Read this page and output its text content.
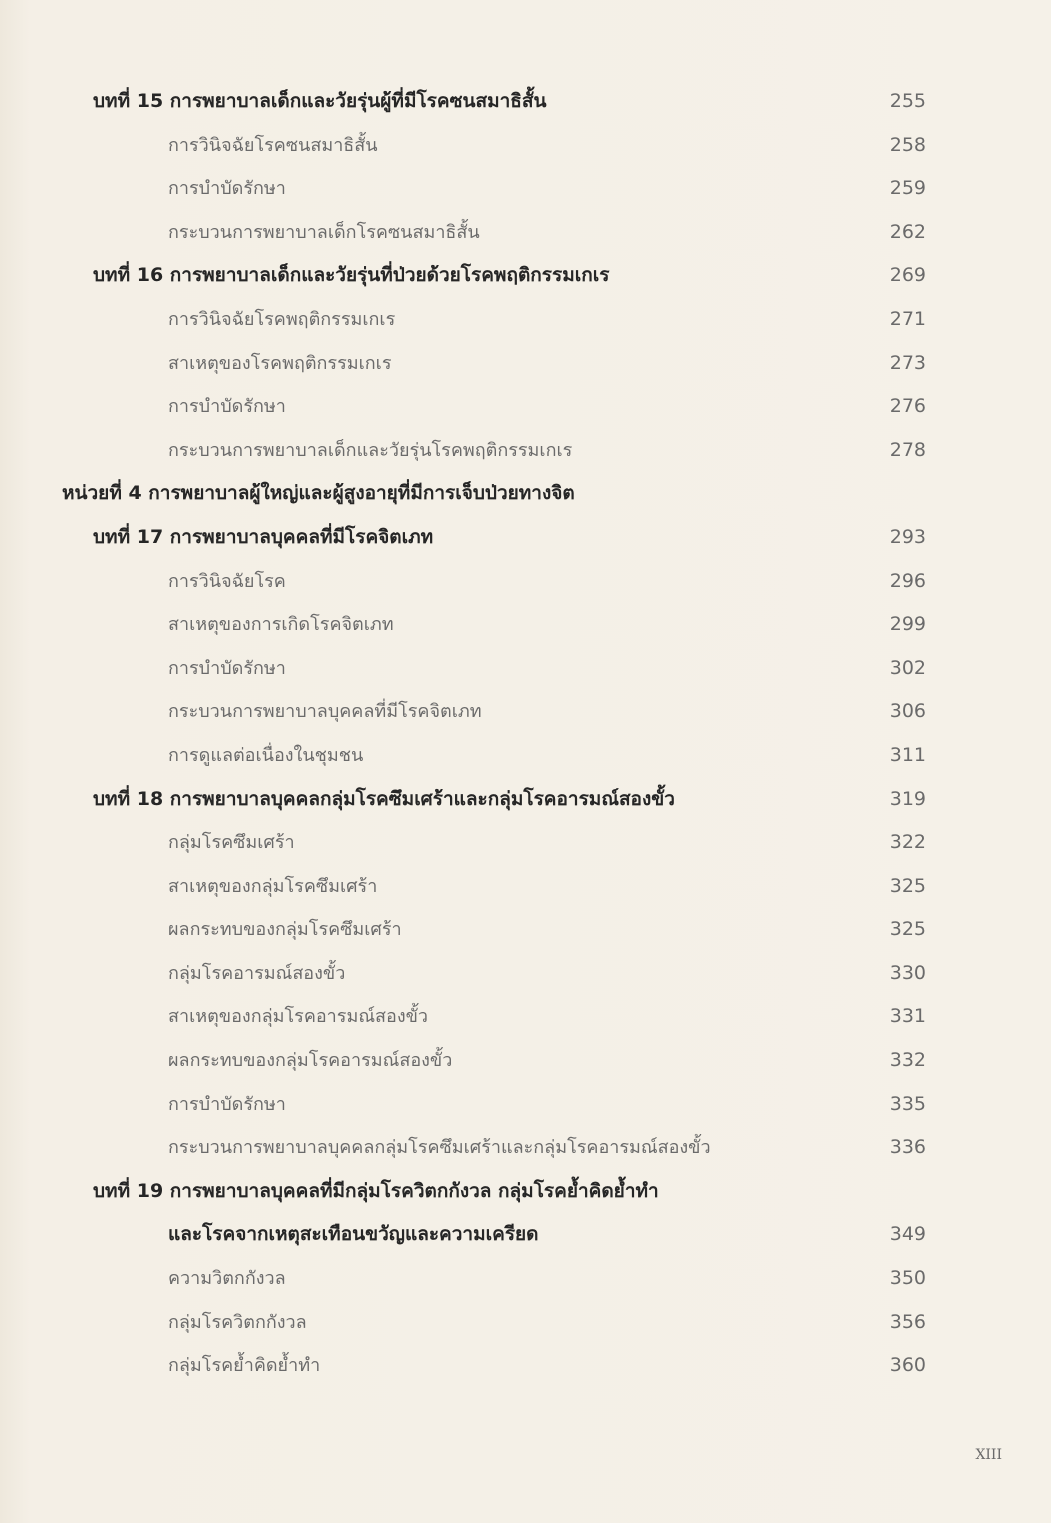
บทที่ 15 การพยาบาลเด็กและวัยรุ่นผู้ที่มีโรคซนสมาธิสั้น	255
การวินิจฉัยโรคซนสมาธิสั้น	258
การบำบัดรักษา	259
กระบวนการพยาบาลเด็กโรคซนสมาธิสั้น	262
บทที่ 16 การพยาบาลเด็กและวัยรุ่นที่ป่วยด้วยโรคพฤติกรรมเกเร	269
การวินิจฉัยโรคพฤติกรรมเกเร	271
สาเหตุของโรคพฤติกรรมเกเร	273
การบำบัดรักษา	276
กระบวนการพยาบาลเด็กและวัยรุ่นโรคพฤติกรรมเกเร	278
หน่วยที่ 4 การพยาบาลผู้ใหญ่และผู้สูงอายุที่มีการเจ็บป่วยทางจิต
บทที่ 17 การพยาบาลบุคคลที่มีโรคจิตเภท	293
การวินิจฉัยโรค	296
สาเหตุของการเกิดโรคจิตเภท	299
การบำบัดรักษา	302
กระบวนการพยาบาลบุคคลที่มีโรคจิตเภท	306
การดูแลต่อเนื่องในชุมชน	311
บทที่ 18 การพยาบาลบุคคลกลุ่มโรคซึมเศร้าและกลุ่มโรคอารมณ์สองขั้ว	319
กลุ่มโรคซึมเศร้า	322
สาเหตุของกลุ่มโรคซึมเศร้า	325
ผลกระทบของกลุ่มโรคซึมเศร้า	325
กลุ่มโรคอารมณ์สองขั้ว	330
สาเหตุของกลุ่มโรคอารมณ์สองขั้ว	331
ผลกระทบของกลุ่มโรคอารมณ์สองขั้ว	332
การบำบัดรักษา	335
กระบวนการพยาบาลบุคคลกลุ่มโรคซึมเศร้าและกลุ่มโรคอารมณ์สองขั้ว	336
บทที่ 19 การพยาบาลบุคคลที่มีกลุ่มโรควิตกกังวล กลุ่มโรคย้ำคิดย้ำทำ
และโรคจากเหตุสะเทือนขวัญและความเครียด	349
ความวิตกกังวล	350
กลุ่มโรควิตกกังวล	356
กลุ่มโรคย้ำคิดย้ำทำ	360
XIII
